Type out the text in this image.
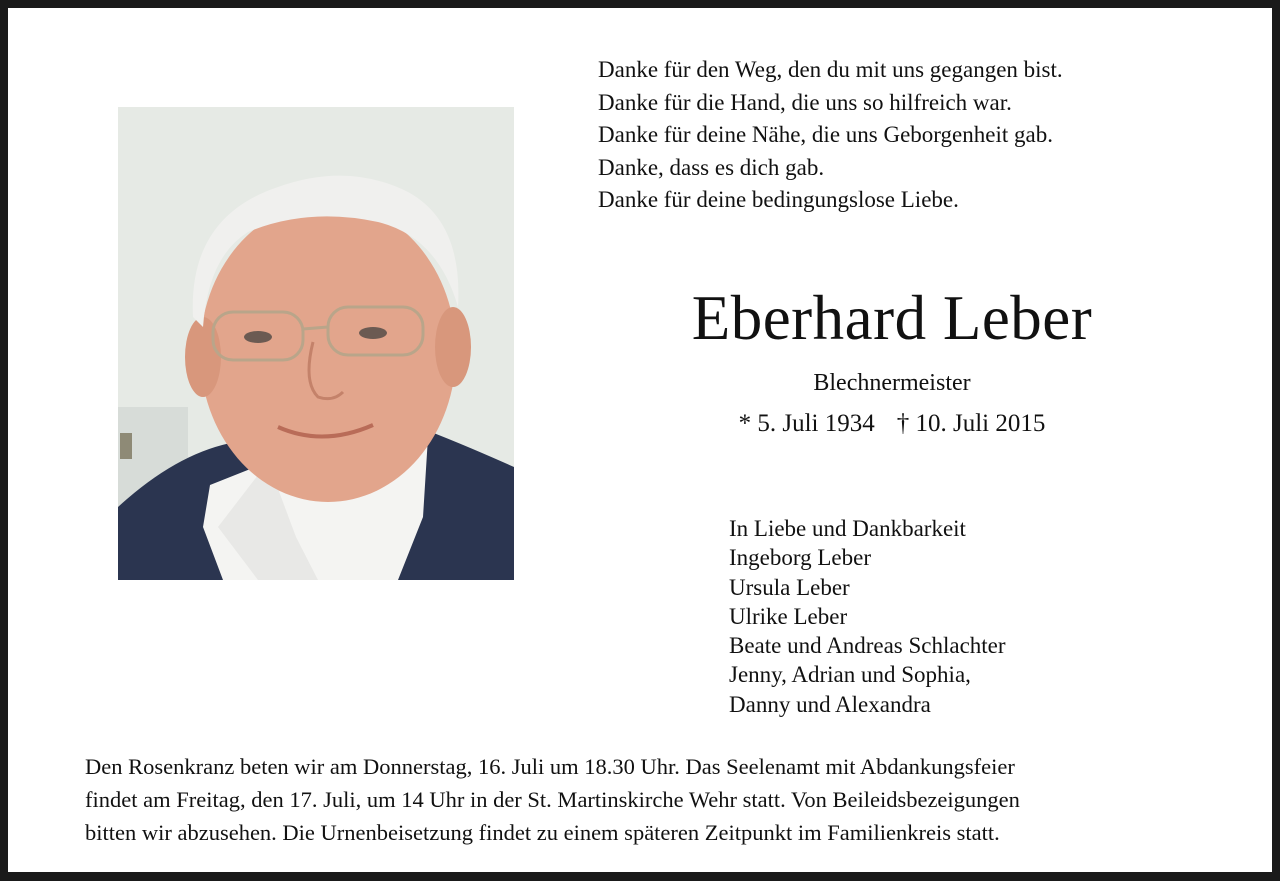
Danke für den Weg, den du mit uns gegangen bist.
Danke für die Hand, die uns so hilfreich war.
Danke für deine Nähe, die uns Geborgenheit gab.
Danke, dass es dich gab.
Danke für deine bedingungslose Liebe.
Eberhard Leber
Blechnermeister
* 5. Juli 1934 † 10. Juli 2015
In Liebe und Dankbarkeit
Ingeborg Leber
Ursula Leber
Ulrike Leber
Beate und Andreas Schlachter
Jenny, Adrian und Sophia,
Danny und Alexandra
Den Rosenkranz beten wir am Donnerstag, 16. Juli um 18.30 Uhr. Das Seelenamt mit Abdankungsfeier
findet am Freitag, den 17. Juli, um 14 Uhr in der St. Martinskirche Wehr statt. Von Beileidsbezeigungen
bitten wir abzusehen. Die Urnenbeisetzung findet zu einem späteren Zeitpunkt im Familienkreis statt.
